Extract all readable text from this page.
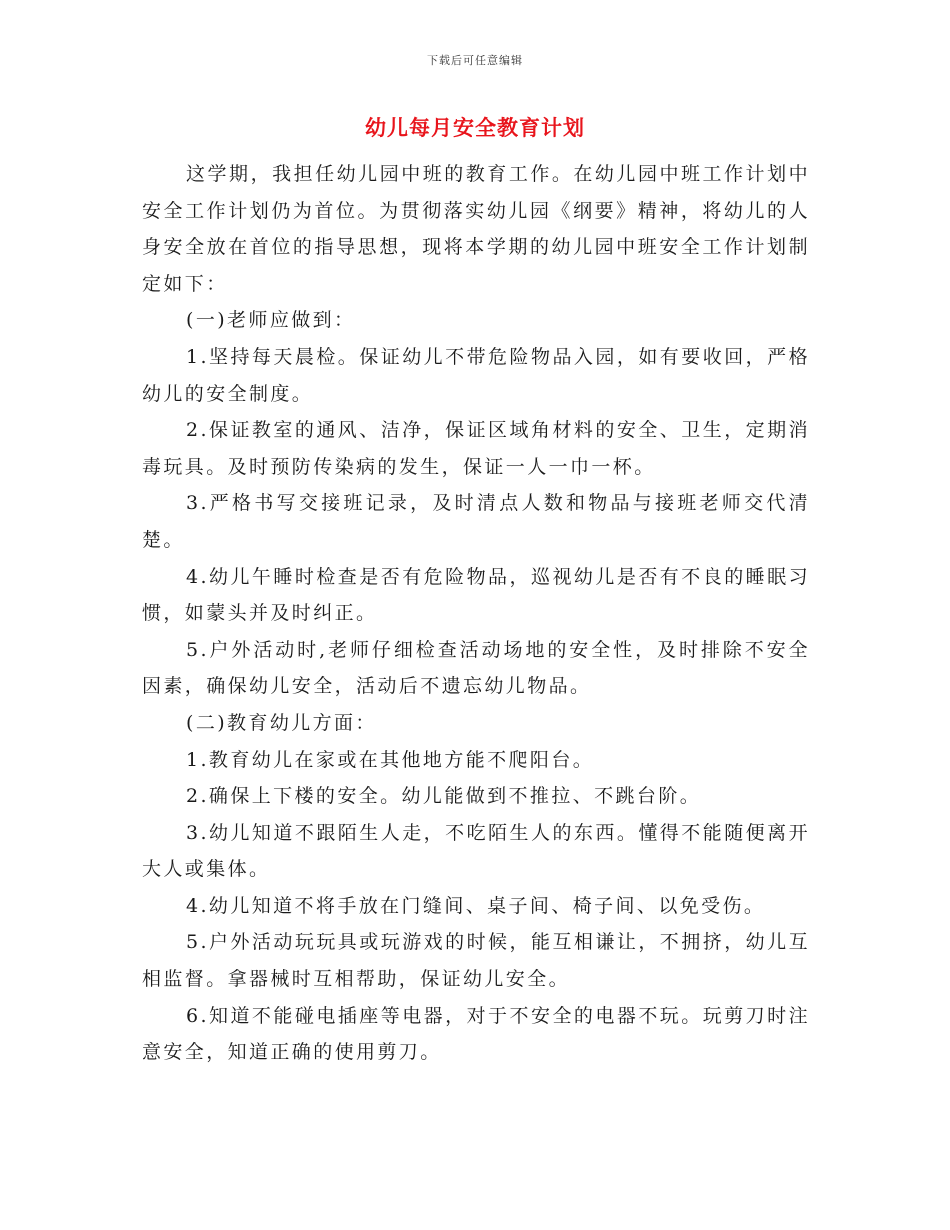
下载后可任意编辑
幼儿每月安全教育计划

这学期，我担任幼儿园中班的教育工作。在幼儿园中班工作计划中安全工作计划仍为首位。为贯彻落实幼儿园《纲要》精神，将幼儿的人身安全放在首位的指导思想，现将本学期的幼儿园中班安全工作计划制定如下：

(一)老师应做到：

1.坚持每天晨检。保证幼儿不带危险物品入园，如有要收回，严格幼儿的安全制度。

2.保证教室的通风、洁净，保证区域角材料的安全、卫生，定期消毒玩具。及时预防传染病的发生，保证一人一巾一杯。

3.严格书写交接班记录，及时清点人数和物品与接班老师交代清楚。

4.幼儿午睡时检查是否有危险物品，巡视幼儿是否有不良的睡眠习惯，如蒙头并及时纠正。

5.户外活动时,老师仔细检查活动场地的安全性，及时排除不安全因素，确保幼儿安全，活动后不遗忘幼儿物品。

(二)教育幼儿方面：

1.教育幼儿在家或在其他地方能不爬阳台。

2.确保上下楼的安全。幼儿能做到不推拉、不跳台阶。

3.幼儿知道不跟陌生人走，不吃陌生人的东西。懂得不能随便离开大人或集体。

4.幼儿知道不将手放在门缝间、桌子间、椅子间、以免受伤。

5.户外活动玩玩具或玩游戏的时候，能互相谦让，不拥挤，幼儿互相监督。拿器械时互相帮助，保证幼儿安全。

6.知道不能碰电插座等电器，对于不安全的电器不玩。玩剪刀时注意安全，知道正确的使用剪刀。
